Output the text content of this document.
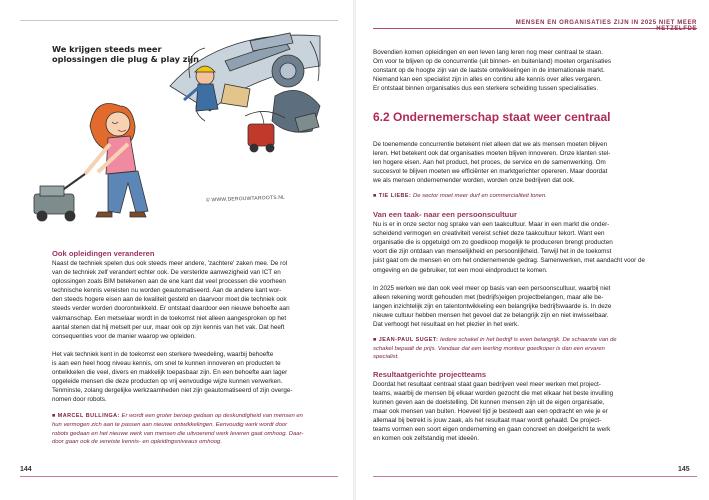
MENSEN EN ORGANISATIES ZIJN IN 2025 NIET MEER HETZELFDE
We krijgen steeds meer
oplossingen die plug & play zijn
© WWW.DEROUWTAROOTS.NL
Ook opleidingen veranderen
Naast de techniek spelen dus ook steeds meer andere, 'zachtere' zaken mee. De rol
van de techniek zelf verandert echter ook. De versterkte aanwezigheid van ICT en
oplossingen zoals BIM betekenen aan de ene kant dat veel processen die voorheen
technische kennis vereisten nu worden geautomatiseerd. Aan de andere kant wor-
den steeds hogere eisen aan de kwaliteit gesteld en daarvoor moet die techniek ook
steeds verder worden doorontwikkeld. Er ontstaat daardoor een nieuwe behoefte aan
vakmanschap. Een metselaar wordt in de toekomst niet alleen aangesproken op het
aantal stenen dat hij metselt per uur, maar ook op zijn kennis van het vak. Dat heeft
consequenties voor de manier waarop we opleiden.
Het vak techniek kent in de toekomst een sterkere tweedeling, waarbij behoefte
is aan een heel hoog niveau kennis, om snel te kunnen innoveren en producten te
ontwikkelen die veel, divers en makkelijk toepasbaar zijn. En een behoefte aan lager
opgeleide mensen die deze producten op vrij eenvoudige wijze kunnen verwerken.
Tenminste, zolang dergelijke werkzaamheden niet zijn geautomatiseerd of zijn overge-
nomen door robots.
■ MARCEL BULLINGA: Er wordt een groter beroep gedaan op deskundigheid van mensen en
hun vermogen zich aan te passen aan nieuwe ontwikkelingen. Eenvoudig werk wordt door
robots gedaan en het nieuwe werk van mensen die uitvoerend werk leveren gaat omhoog. Daar-
door gaan ook de vereiste kennis- en opleidingsniveaus omhoog.
144
Bovendien komen opleidingen en een leven lang leren nog meer centraal te staan.
Om voor te blijven op de concurrentie (uit binnen- en buitenland) moeten organisaties
constant op de hoogte zijn van de laatste ontwikkelingen in de internationale markt.
Niemand kan een specialist zijn in alles en continu alle kennis over alles vergaren.
Er ontstaat binnen organisaties dus een sterkere scheiding tussen specialisaties.
6.2 Ondernemerschap staat weer centraal
De toenemende concurrentie betekent niet alleen dat we als mensen moeten blijven
leren. Het betekent ook dat organisaties moeten blijven innoveren. Onze klanten stel-
len hogere eisen. Aan het product, het proces, de service en de samenwerking. Om
succesvol te blijven moeten we efficiënter en marktgerichter opereren. Maar doordat
we als mensen ondernemender worden, worden onze bedrijven dat ook.
■ TIE LIEBE: De sector moet meer durf en commercialiteit tonen.
Van een taak- naar een persoonscultuur
Nu is er in onze sector nog sprake van een taakcultuur. Maar in een markt die onder-
scheidend vermogen en creativiteit vereist schiet deze taakcultuur tekort. Want een
organisatie die is opgetuigd om zo goedkoop mogelijk te produceren brengt producten
voort die zijn ontdaan van menselijkheid en persoonlijkheid. Terwijl het in de toekomst
juist gaat om de mensen en om het ondernemende gedrag. Samenwerken, met aandacht voor de
omgeving en de gebruiker, tot een mooi eindproduct te komen.
In 2025 werken we dan ook veel meer op basis van een persoonscultuur, waarbij niet
alleen rekening wordt gehouden met (bedrijfs)eigen projectbelangen, maar alle be-
langen inzichtelijk zijn en talentontwikkeling een belangrijke bedrijfswaarde is. In deze
nieuwe cultuur hebben mensen het gevoel dat ze belangrijk zijn en niet inwisselbaar.
Dat verhoogt het resultaat en het plezier in het werk.
■ JEAN-PAUL SUGET: Iedere schakel in het bedrijf is even belangrijk. De schaarste van de
schakel bepaalt de prijs. Vandaar dat een leerling monteur goedkoper is dan een ervaren
specialist.
Resultaatgerichte projectteams
Doordat het resultaat centraal staat gaan bedrijven veel meer werken met project-
teams, waarbij de mensen bij elkaar worden gezocht die met elkaar het beste invulling
kunnen geven aan de doelstelling. Dit kunnen mensen zijn uit de eigen organisatie,
maar ook mensen van buiten. Hoeveel tijd je besteedt aan een opdracht en wie je er
allemaal bij betrekt is jouw zaak, als het resultaat maar wordt gehaald. De project-
teams vormen een soort eigen onderneming en gaan concreet en doelgericht te werk
en komen ook zelfstandig met ideeën.
145
